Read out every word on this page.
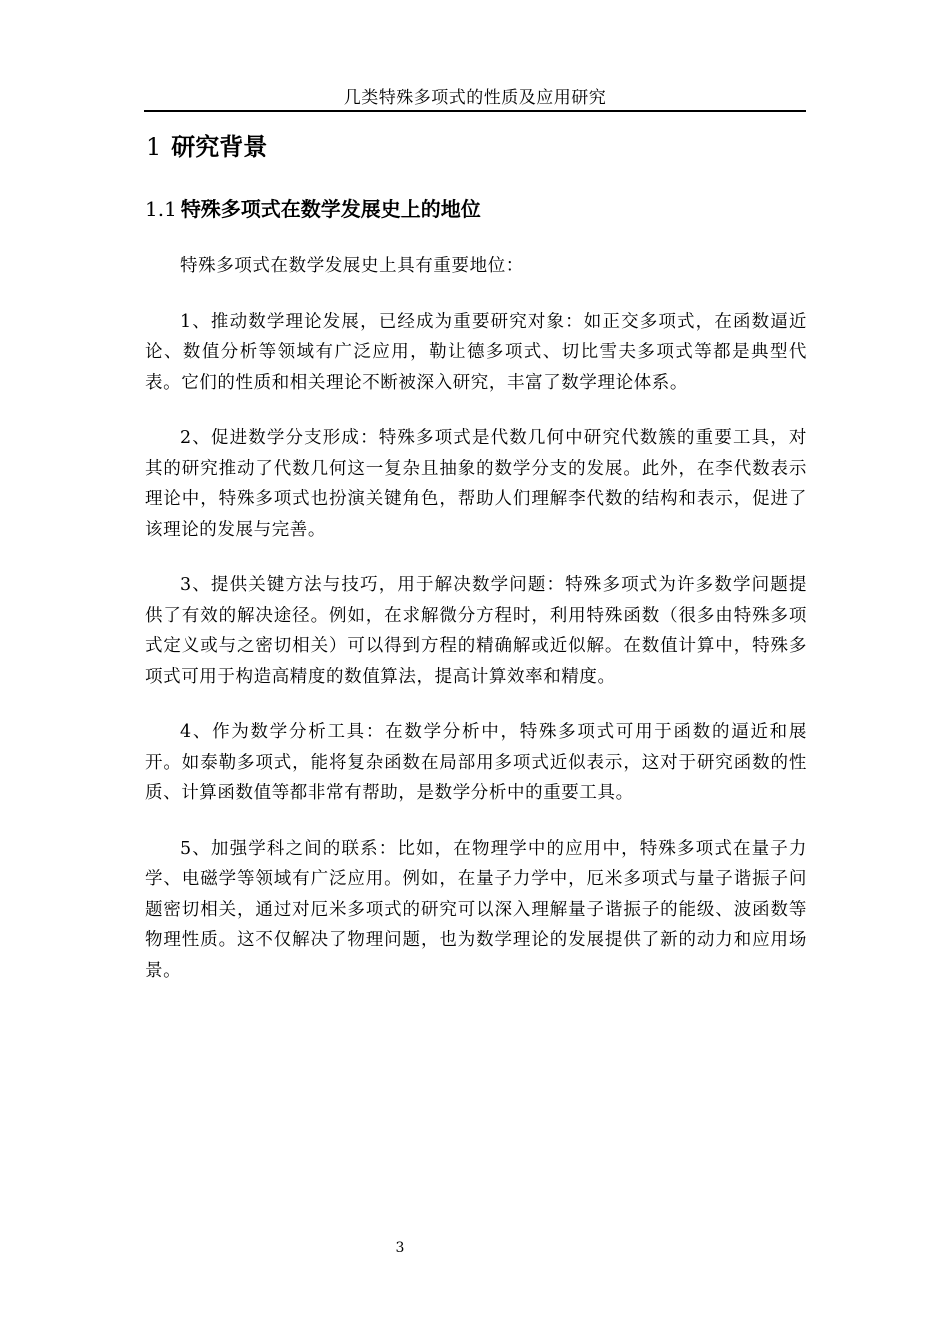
几类特殊多项式的性质及应用研究
1 研究背景
1.1 特殊多项式在数学发展史上的地位

特殊多项式在数学发展史上具有重要地位：

1、推动数学理论发展，已经成为重要研究对象：如正交多项式，在函数逼近论、数值分析等领域有广泛应用，勒让德多项式、切比雪夫多项式等都是典型代表。它们的性质和相关理论不断被深入研究，丰富了数学理论体系。

2、促进数学分支形成：特殊多项式是代数几何中研究代数簇的重要工具，对其的研究推动了代数几何这一复杂且抽象的数学分支的发展。此外，在李代数表示理论中，特殊多项式也扮演关键角色，帮助人们理解李代数的结构和表示，促进了该理论的发展与完善。

3、提供关键方法与技巧，用于解决数学问题：特殊多项式为许多数学问题提供了有效的解决途径。例如，在求解微分方程时，利用特殊函数（很多由特殊多项式定义或与之密切相关）可以得到方程的精确解或近似解。在数值计算中，特殊多项式可用于构造高精度的数值算法，提高计算效率和精度。

4、作为数学分析工具：在数学分析中，特殊多项式可用于函数的逼近和展开。如泰勒多项式，能将复杂函数在局部用多项式近似表示，这对于研究函数的性质、计算函数值等都非常有帮助，是数学分析中的重要工具。

5、加强学科之间的联系：比如，在物理学中的应用中，特殊多项式在量子力学、电磁学等领域有广泛应用。例如，在量子力学中，厄米多项式与量子谐振子问题密切相关，通过对厄米多项式的研究可以深入理解量子谐振子的能级、波函数等物理性质。这不仅解决了物理问题，也为数学理论的发展提供了新的动力和应用场景。

3
